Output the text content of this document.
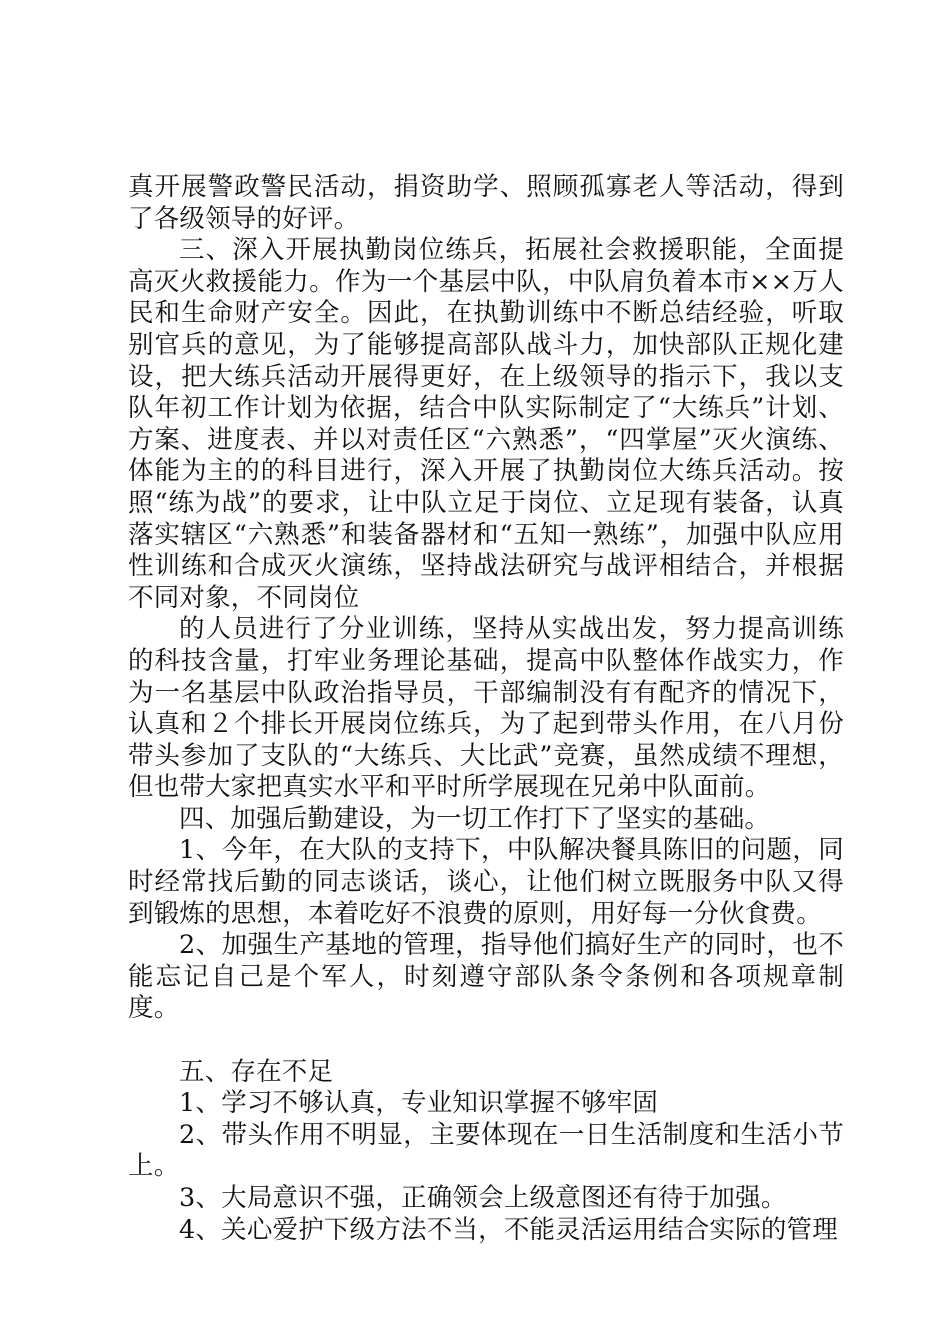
真开展警政警民活动，捐资助学、照顾孤寡老人等活动，得到了各级领导的好评。

三、深入开展执勤岗位练兵，拓展社会救援职能，全面提高灭火救援能力。作为一个基层中队，中队肩负着本市××万人民和生命财产安全。因此，在执勤训练中不断总结经验，听取别官兵的意见，为了能够提高部队战斗力，加快部队正规化建设，把大练兵活动开展得更好，在上级领导的指示下，我以支队年初工作计划为依据，结合中队实际制定了“大练兵”计划、方案、进度表、并以对责任区“六熟悉”，“四掌屋”灭火演练、体能为主的的科目进行，深入开展了执勤岗位大练兵活动。按照“练为战”的要求，让中队立足于岗位、立足现有装备，认真落实辖区“六熟悉”和装备器材和“五知一熟练”，加强中队应用性训练和合成灭火演练，坚持战法研究与战评相结合，并根据不同对象，不同岗位

的人员进行了分业训练，坚持从实战出发，努力提高训练的科技含量，打牢业务理论基础，提高中队整体作战实力，作为一名基层中队政治指导员，干部编制没有有配齐的情况下，认真和２个排长开展岗位练兵，为了起到带头作用，在八月份带头参加了支队的“大练兵、大比武”竞赛，虽然成绩不理想，但也带大家把真实水平和平时所学展现在兄弟中队面前。

四、加强后勤建设，为一切工作打下了坚实的基础。

1、今年，在大队的支持下，中队解决餐具陈旧的问题，同时经常找后勤的同志谈话，谈心，让他们树立既服务中队又得到锻炼的思想，本着吃好不浪费的原则，用好每一分伙食费。

2、加强生产基地的管理，指导他们搞好生产的同时，也不能忘记自己是个军人，时刻遵守部队条令条例和各项规章制度。

五、存在不足

1、学习不够认真，专业知识掌握不够牢固

2、带头作用不明显，主要体现在一日生活制度和生活小节上。

3、大局意识不强，正确领会上级意图还有待于加强。

4、关心爱护下级方法不当，不能灵活运用结合实际的管理
